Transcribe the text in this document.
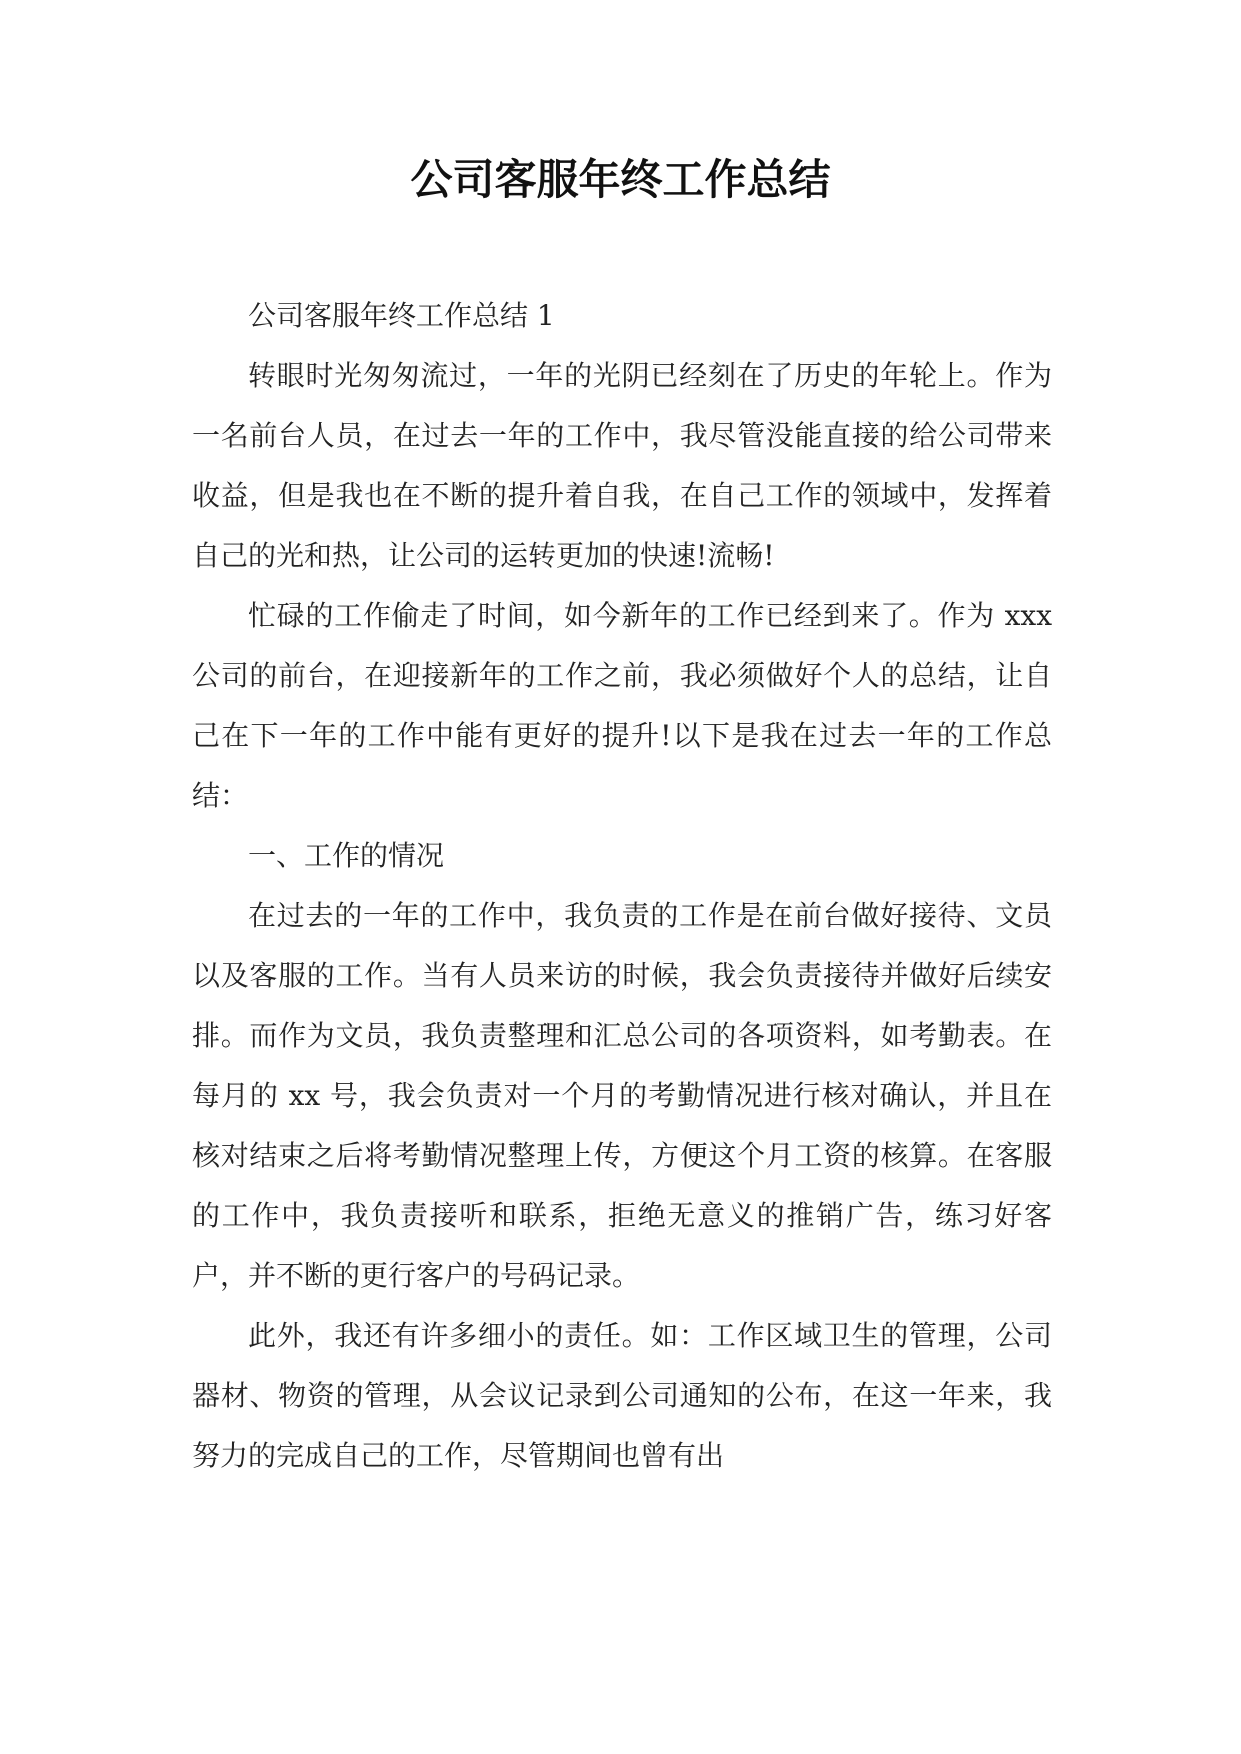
公司客服年终工作总结

公司客服年终工作总结 1

转眼时光匆匆流过，一年的光阴已经刻在了历史的年轮上。作为一名前台人员，在过去一年的工作中，我尽管没能直接的给公司带来收益，但是我也在不断的提升着自我，在自己工作的领域中，发挥着自己的光和热，让公司的运转更加的快速!流畅!

忙碌的工作偷走了时间，如今新年的工作已经到来了。作为 xxx 公司的前台，在迎接新年的工作之前，我必须做好个人的总结，让自己在下一年的工作中能有更好的提升!以下是我在过去一年的工作总结：

一、工作的情况

在过去的一年的工作中，我负责的工作是在前台做好接待、文员以及客服的工作。当有人员来访的时候，我会负责接待并做好后续安排。而作为文员，我负责整理和汇总公司的各项资料，如考勤表。在每月的 xx 号，我会负责对一个月的考勤情况进行核对确认，并且在核对结束之后将考勤情况整理上传，方便这个月工资的核算。在客服的工作中，我负责接听和联系，拒绝无意义的推销广告，练习好客户，并不断的更行客户的号码记录。

此外，我还有许多细小的责任。如：工作区域卫生的管理，公司器材、物资的管理，从会议记录到公司通知的公布，在这一年来，我努力的完成自己的工作，尽管期间也曾有出
